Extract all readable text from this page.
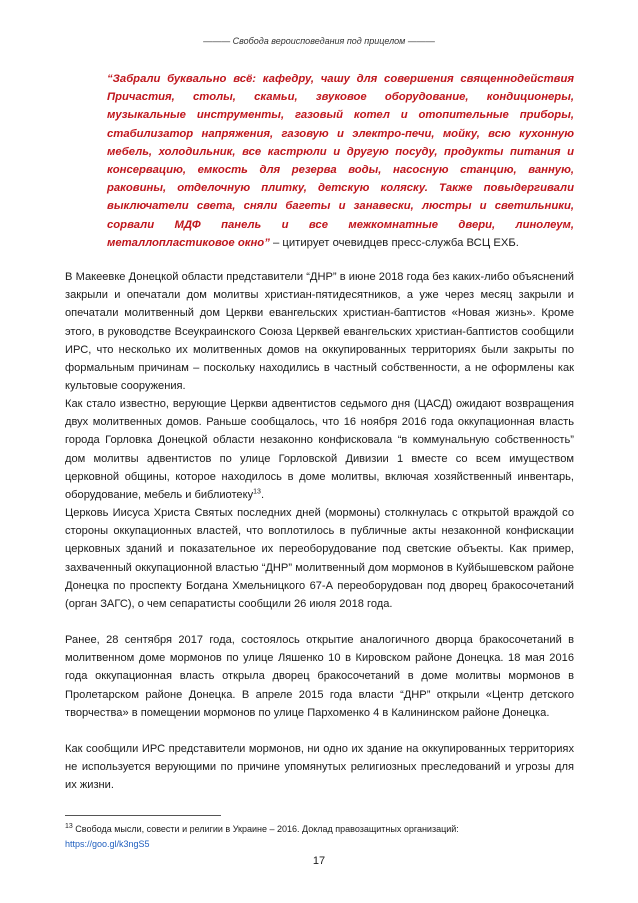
——— Свобода вероисповедания под прицелом ———

“Забрали буквально всё: кафедру, чашу для совершения священнодействия Причастия, столы, скамьи, звуковое оборудование, кондиционеры, музыкальные инструменты, газовый котел и отопительные приборы, стабилизатор напряжения, газовую и электро-печи, мойку, всю кухонную мебель, холодильник, все кастрюли и другую посуду, продукты питания и консервацию, емкость для резерва воды, насосную станцию, ванную, раковины, отделочную плитку, детскую коляску. Также повыдергивали выключатели света, сняли багеты и занавески, люстры и светильники, сорвали МДФ панель и все межкомнатные двери, линолеум, металлопластиковое окно” – цитирует очевидцев пресс-служба ВСЦ ЕХБ.

В Макеевке Донецкой области представители “ДНР” в июне 2018 года без каких-либо объяснений закрыли и опечатали дом молитвы христиан-пятидесятников, а уже через месяц закрыли и опечатали молитвенный дом Церкви евангельских христиан-баптистов «Новая жизнь». Кроме этого, в руководстве Всеукраинского Союза Церквей евангельских христиан-баптистов сообщили ИРС, что несколько их молитвенных домов на оккупированных территориях были закрыты по формальным причинам – поскольку находились в частный собственности, а не оформлены как культовые сооружения.

Как стало известно, верующие Церкви адвентистов седьмого дня (ЦАСД) ожидают возвращения двух молитвенных домов. Раньше сообщалось, что 16 ноября 2016 года оккупационная власть города Горловка Донецкой области незаконно конфисковала “в коммунальную собственность” дом молитвы адвентистов по улице Горловской Дивизии 1 вместе со всем имуществом церковной общины, которое находилось в доме молитвы, включая хозяйственный инвентарь, оборудование, мебель и библиотеку$^{13}$.

Церковь Иисуса Христа Святых последних дней (мормоны) столкнулась с открытой враждой со стороны оккупационных властей, что воплотилось в публичные акты незаконной конфискации церковных зданий и показательное их переоборудование под светские объекты. Как пример, захваченный оккупационной властью “ДНР” молитвенный дом мормонов в Куйбышевском районе Донецка по проспекту Богдана Хмельницкого 67-А переоборудован под дворец бракосочетаний (орган ЗАГС), о чем сепаратисты сообщили 26 июля 2018 года.

Ранее, 28 сентября 2017 года, состоялось открытие аналогичного дворца бракосочетаний в молитвенном доме мормонов по улице Ляшенко 10 в Кировском районе Донецка. 18 мая 2016 года оккупационная власть открыла дворец бракосочетаний в доме молитвы мормонов в Пролетарском районе Донецка. В апреле 2015 года власти “ДНР” открыли «Центр детского творчества» в помещении мормонов по улице Пархоменко 4 в Калининском районе Донецка.

Как сообщили ИРС представители мормонов, ни одно их здание на оккупированных территориях не используется верующими по причине упомянутых религиозных преследований и угрозы для их жизни.

$^{13}$ Свобода мысли, совести и религии в Украине – 2016. Доклад правозащитных организаций:
https://goo.gl/k3ngS5

17
